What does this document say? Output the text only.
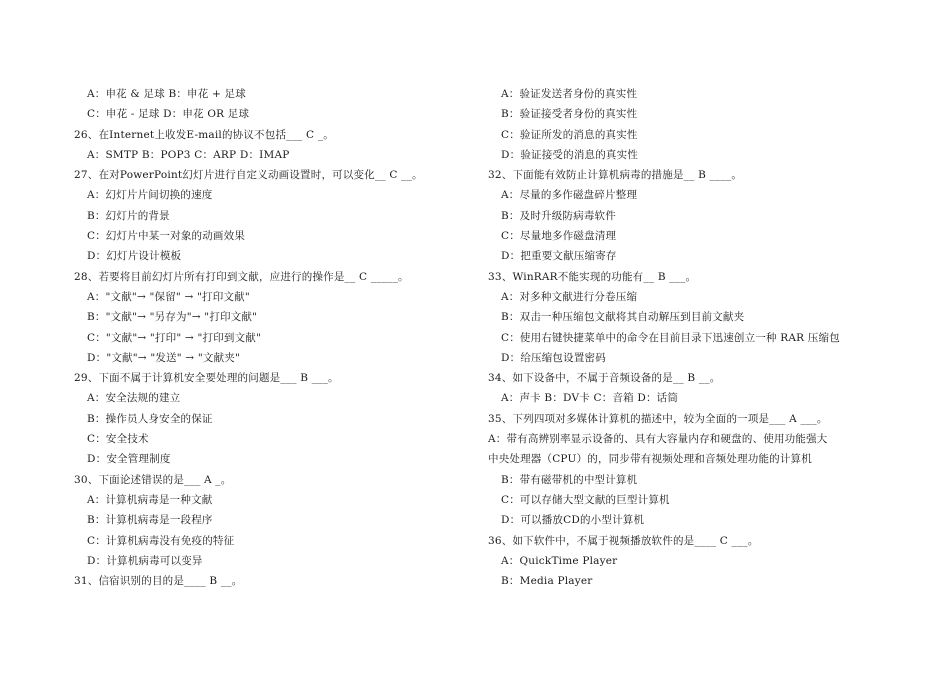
A：申花 & 足球 B：申花 + 足球
C：申花 - 足球 D：申花 OR 足球
26、在Internet上收发E-mail的协议不包括___ C _。
A：SMTP B：POP3 C：ARP D：IMAP
27、在对PowerPoint幻灯片进行自定义动画设置时，可以变化__ C __。
A：幻灯片片间切换的速度
B：幻灯片的背景
C：幻灯片中某一对象的动画效果
D：幻灯片设计模板
28、若要将目前幻灯片所有打印到文献，应进行的操作是__ C _____。
A："文献"→ "保留" → "打印文献"
B："文献"→ "另存为"→ "打印文献"
C："文献"→ "打印" → "打印到文献"
D："文献"→ "发送" → "文献夹"
29、下面不属于计算机安全要处理的问题是___ B ___。
A：安全法规的建立
B：操作员人身安全的保证
C：安全技术
D：安全管理制度
30、下面论述错误的是___ A _。
A：计算机病毒是一种文献
B：计算机病毒是一段程序
C：计算机病毒没有免疫的特征
D：计算机病毒可以变异
31、信宿识别的目的是____ B __。
A：验证发送者身份的真实性
B：验证接受者身份的真实性
C：验证所发的消息的真实性
D：验证接受的消息的真实性
32、下面能有效防止计算机病毒的措施是__ B ____。
A：尽量的多作磁盘碎片整理
B：及时升级防病毒软件
C：尽量地多作磁盘清理
D：把重要文献压缩寄存
33、WinRAR不能实现的功能有__ B ___。
A：对多种文献进行分卷压缩
B：双击一种压缩包文献将其自动解压到目前文献夹
C：使用右键快捷菜单中的命令在目前目录下迅速创立一种 RAR 压缩包
D：给压缩包设置密码
34、如下设备中，不属于音频设备的是__ B __。
A：声卡 B：DV卡 C：音箱 D：话筒
35、下列四项对多媒体计算机的描述中，较为全面的一项是___ A ___。
A：带有高辨别率显示设备的、具有大容量内存和硬盘的、使用功能强大
中央处理器（CPU）的，同步带有视频处理和音频处理功能的计算机
B：带有磁带机的中型计算机
C：可以存储大型文献的巨型计算机
D：可以播放CD的小型计算机
36、如下软件中，不属于视频播放软件的是____ C ___。
A：QuickTime Player
B：Media Player
